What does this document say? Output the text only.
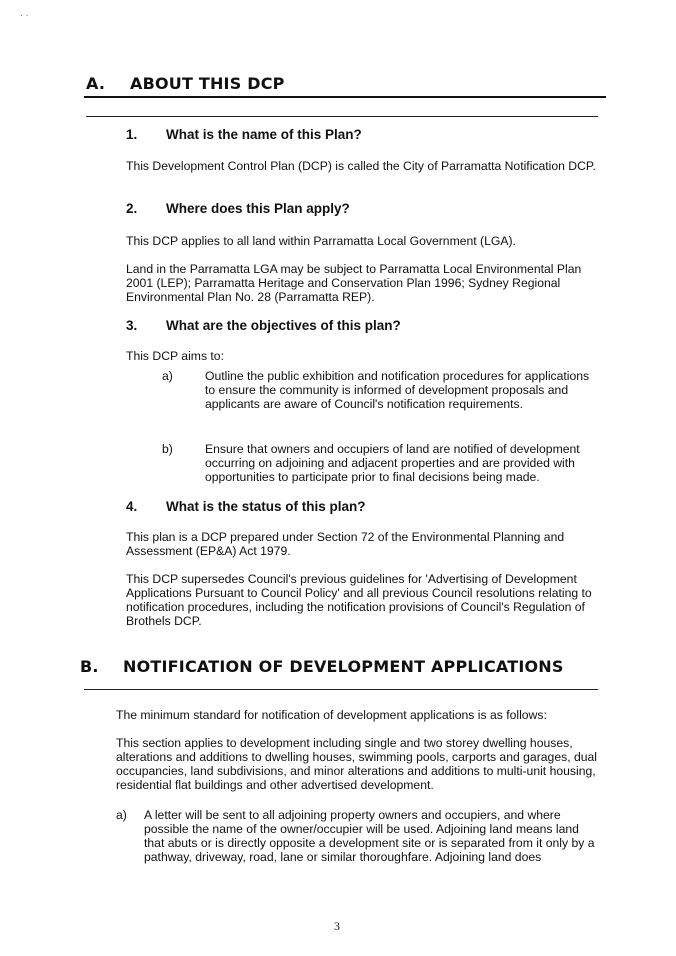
· ·
A. ABOUT THIS DCP
1. What is the name of this Plan?
This Development Control Plan (DCP) is called the City of Parramatta Notification DCP.
2. Where does this Plan apply?
This DCP applies to all land within Parramatta Local Government (LGA).
Land in the Parramatta LGA may be subject to Parramatta Local Environmental Plan 2001 (LEP); Parramatta Heritage and Conservation Plan 1996; Sydney Regional Environmental Plan No. 28 (Parramatta REP).
3. What are the objectives of this plan?
This DCP aims to:
a)	Outline the public exhibition and notification procedures for applications to ensure the community is informed of development proposals and applicants are aware of Council's notification requirements.
b)	Ensure that owners and occupiers of land are notified of development occurring on adjoining and adjacent properties and are provided with opportunities to participate prior to final decisions being made.
4. What is the status of this plan?
This plan is a DCP prepared under Section 72 of the Environmental Planning and Assessment (EP&A) Act 1979.
This DCP supersedes Council's previous guidelines for 'Advertising of Development Applications Pursuant to Council Policy' and all previous Council resolutions relating to notification procedures, including the notification provisions of Council's Regulation of Brothels DCP.
B. NOTIFICATION OF DEVELOPMENT APPLICATIONS
The minimum standard for notification of development applications is as follows:
This section applies to development including single and two storey dwelling houses, alterations and additions to dwelling houses, swimming pools, carports and garages, dual occupancies, land subdivisions, and minor alterations and additions to multi-unit housing, residential flat buildings and other advertised development.
a) A letter will be sent to all adjoining property owners and occupiers, and where possible the name of the owner/occupier will be used. Adjoining land means land that abuts or is directly opposite a development site or is separated from it only by a pathway, driveway, road, lane or similar thoroughfare. Adjoining land does
3
